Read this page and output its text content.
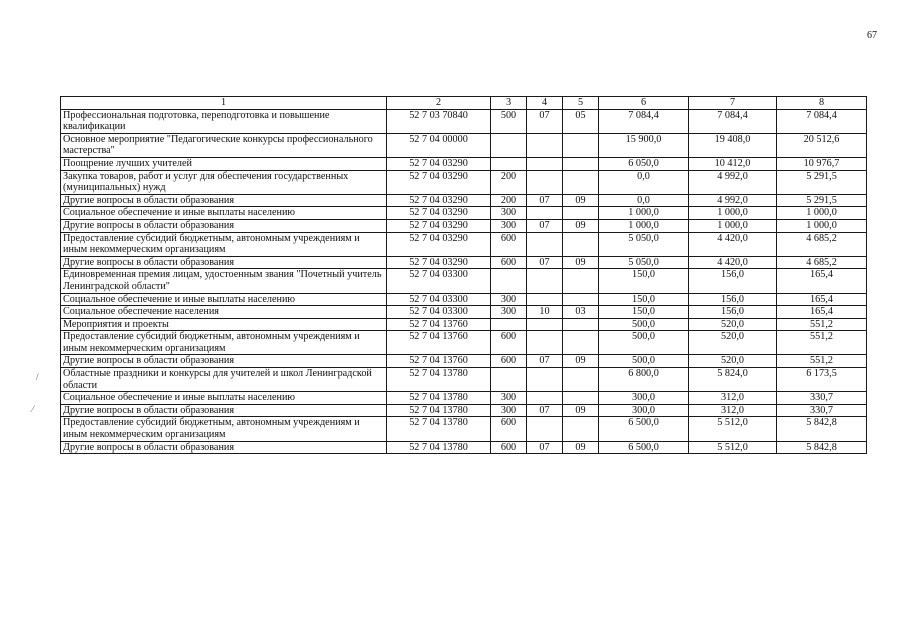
67
1	2	3	4	5	6	7	8
Профессиональная подготовка, переподготовка и повышение квалификации	52 7 03 70840	500	07	05	7 084,4	7 084,4	7 084,4
Основное мероприятие "Педагогические конкурсы профессионального мастерства"	52 7 04 00000				15 900,0	19 408,0	20 512,6
Поощрение лучших учителей	52 7 04 03290				6 050,0	10 412,0	10 976,7
Закупка товаров, работ и услуг для обеспечения государственных (муниципальных) нужд	52 7 04 03290	200			0,0	4 992,0	5 291,5
Другие вопросы в области образования	52 7 04 03290	200	07	09	0,0	4 992,0	5 291,5
Социальное обеспечение и иные выплаты населению	52 7 04 03290	300			1 000,0	1 000,0	1 000,0
Другие вопросы в области образования	52 7 04 03290	300	07	09	1 000,0	1 000,0	1 000,0
Предоставление субсидий бюджетным, автономным учреждениям и иным некоммерческим организациям	52 7 04 03290	600			5 050,0	4 420,0	4 685,2
Другие вопросы в области образования	52 7 04 03290	600	07	09	5 050,0	4 420,0	4 685,2
Единовременная премия лицам, удостоенным звания "Почетный учитель Ленинградской области"	52 7 04 03300				150,0	156,0	165,4
Социальное обеспечение и иные выплаты населению	52 7 04 03300	300			150,0	156,0	165,4
Социальное обеспечение населения	52 7 04 03300	300	10	03	150,0	156,0	165,4
Мероприятия и проекты	52 7 04 13760				500,0	520,0	551,2
Предоставление субсидий бюджетным, автономным учреждениям и иным некоммерческим организациям	52 7 04 13760	600			500,0	520,0	551,2
Другие вопросы в области образования	52 7 04 13760	600	07	09	500,0	520,0	551,2
Областные праздники и конкурсы для учителей и школ Ленинградской области	52 7 04 13780				6 800,0	5 824,0	6 173,5
Социальное обеспечение и иные выплаты населению	52 7 04 13780	300			300,0	312,0	330,7
Другие вопросы в области образования	52 7 04 13780	300	07	09	300,0	312,0	330,7
Предоставление субсидий бюджетным, автономным учреждениям и иным некоммерческим организациям	52 7 04 13780	600			6 500,0	5 512,0	5 842,8
Другие вопросы в области образования	52 7 04 13780	600	07	09	6 500,0	5 512,0	5 842,8
/
⁄
